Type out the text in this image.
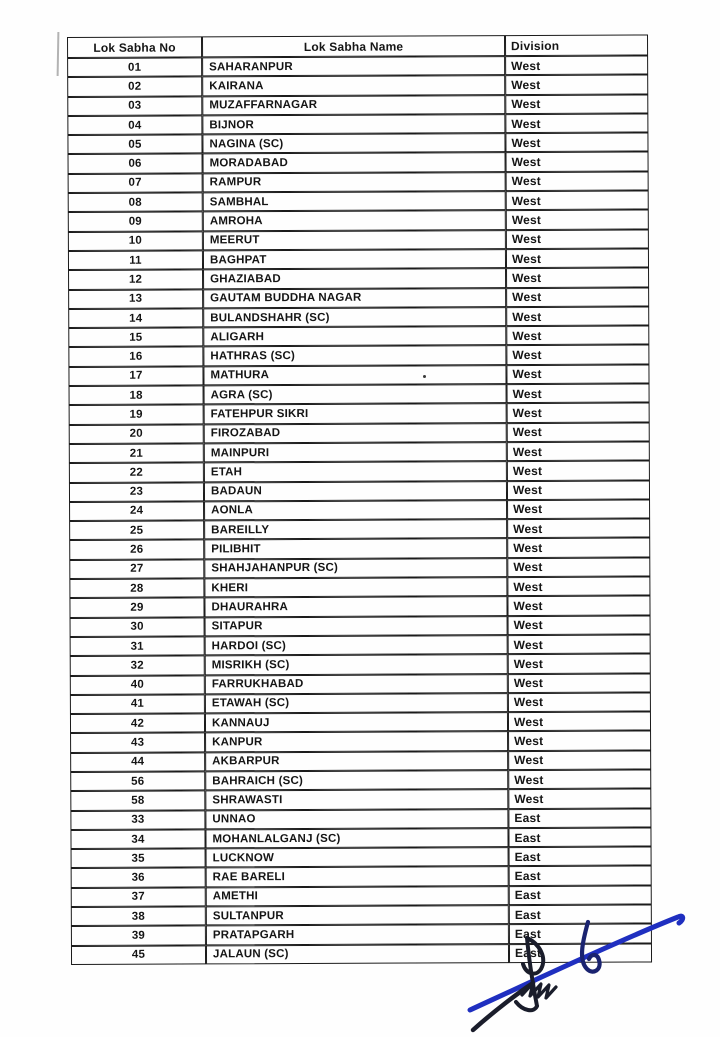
Lok Sabha No	Lok Sabha Name	Division
01	SAHARANPUR	West
02	KAIRANA	West
03	MUZAFFARNAGAR	West
04	BIJNOR	West
05	NAGINA (SC)	West
06	MORADABAD	West
07	RAMPUR	West
08	SAMBHAL	West
09	AMROHA	West
10	MEERUT	West
11	BAGHPAT	West
12	GHAZIABAD	West
13	GAUTAM BUDDHA NAGAR	West
14	BULANDSHAHR (SC)	West
15	ALIGARH	West
16	HATHRAS (SC)	West
17	MATHURA	West
18	AGRA (SC)	West
19	FATEHPUR SIKRI	West
20	FIROZABAD	West
21	MAINPURI	West
22	ETAH	West
23	BADAUN	West
24	AONLA	West
25	BAREILLY	West
26	PILIBHIT	West
27	SHAHJAHANPUR (SC)	West
28	KHERI	West
29	DHAURAHRA	West
30	SITAPUR	West
31	HARDOI (SC)	West
32	MISRIKH (SC)	West
40	FARRUKHABAD	West
41	ETAWAH (SC)	West
42	KANNAUJ	West
43	KANPUR	West
44	AKBARPUR	West
56	BAHRAICH (SC)	West
58	SHRAWASTI	West
33	UNNAO	East
34	MOHANLALGANJ (SC)	East
35	LUCKNOW	East
36	RAE BARELI	East
37	AMETHI	East
38	SULTANPUR	East
39	PRATAPGARH	East
45	JALAUN (SC)	East
